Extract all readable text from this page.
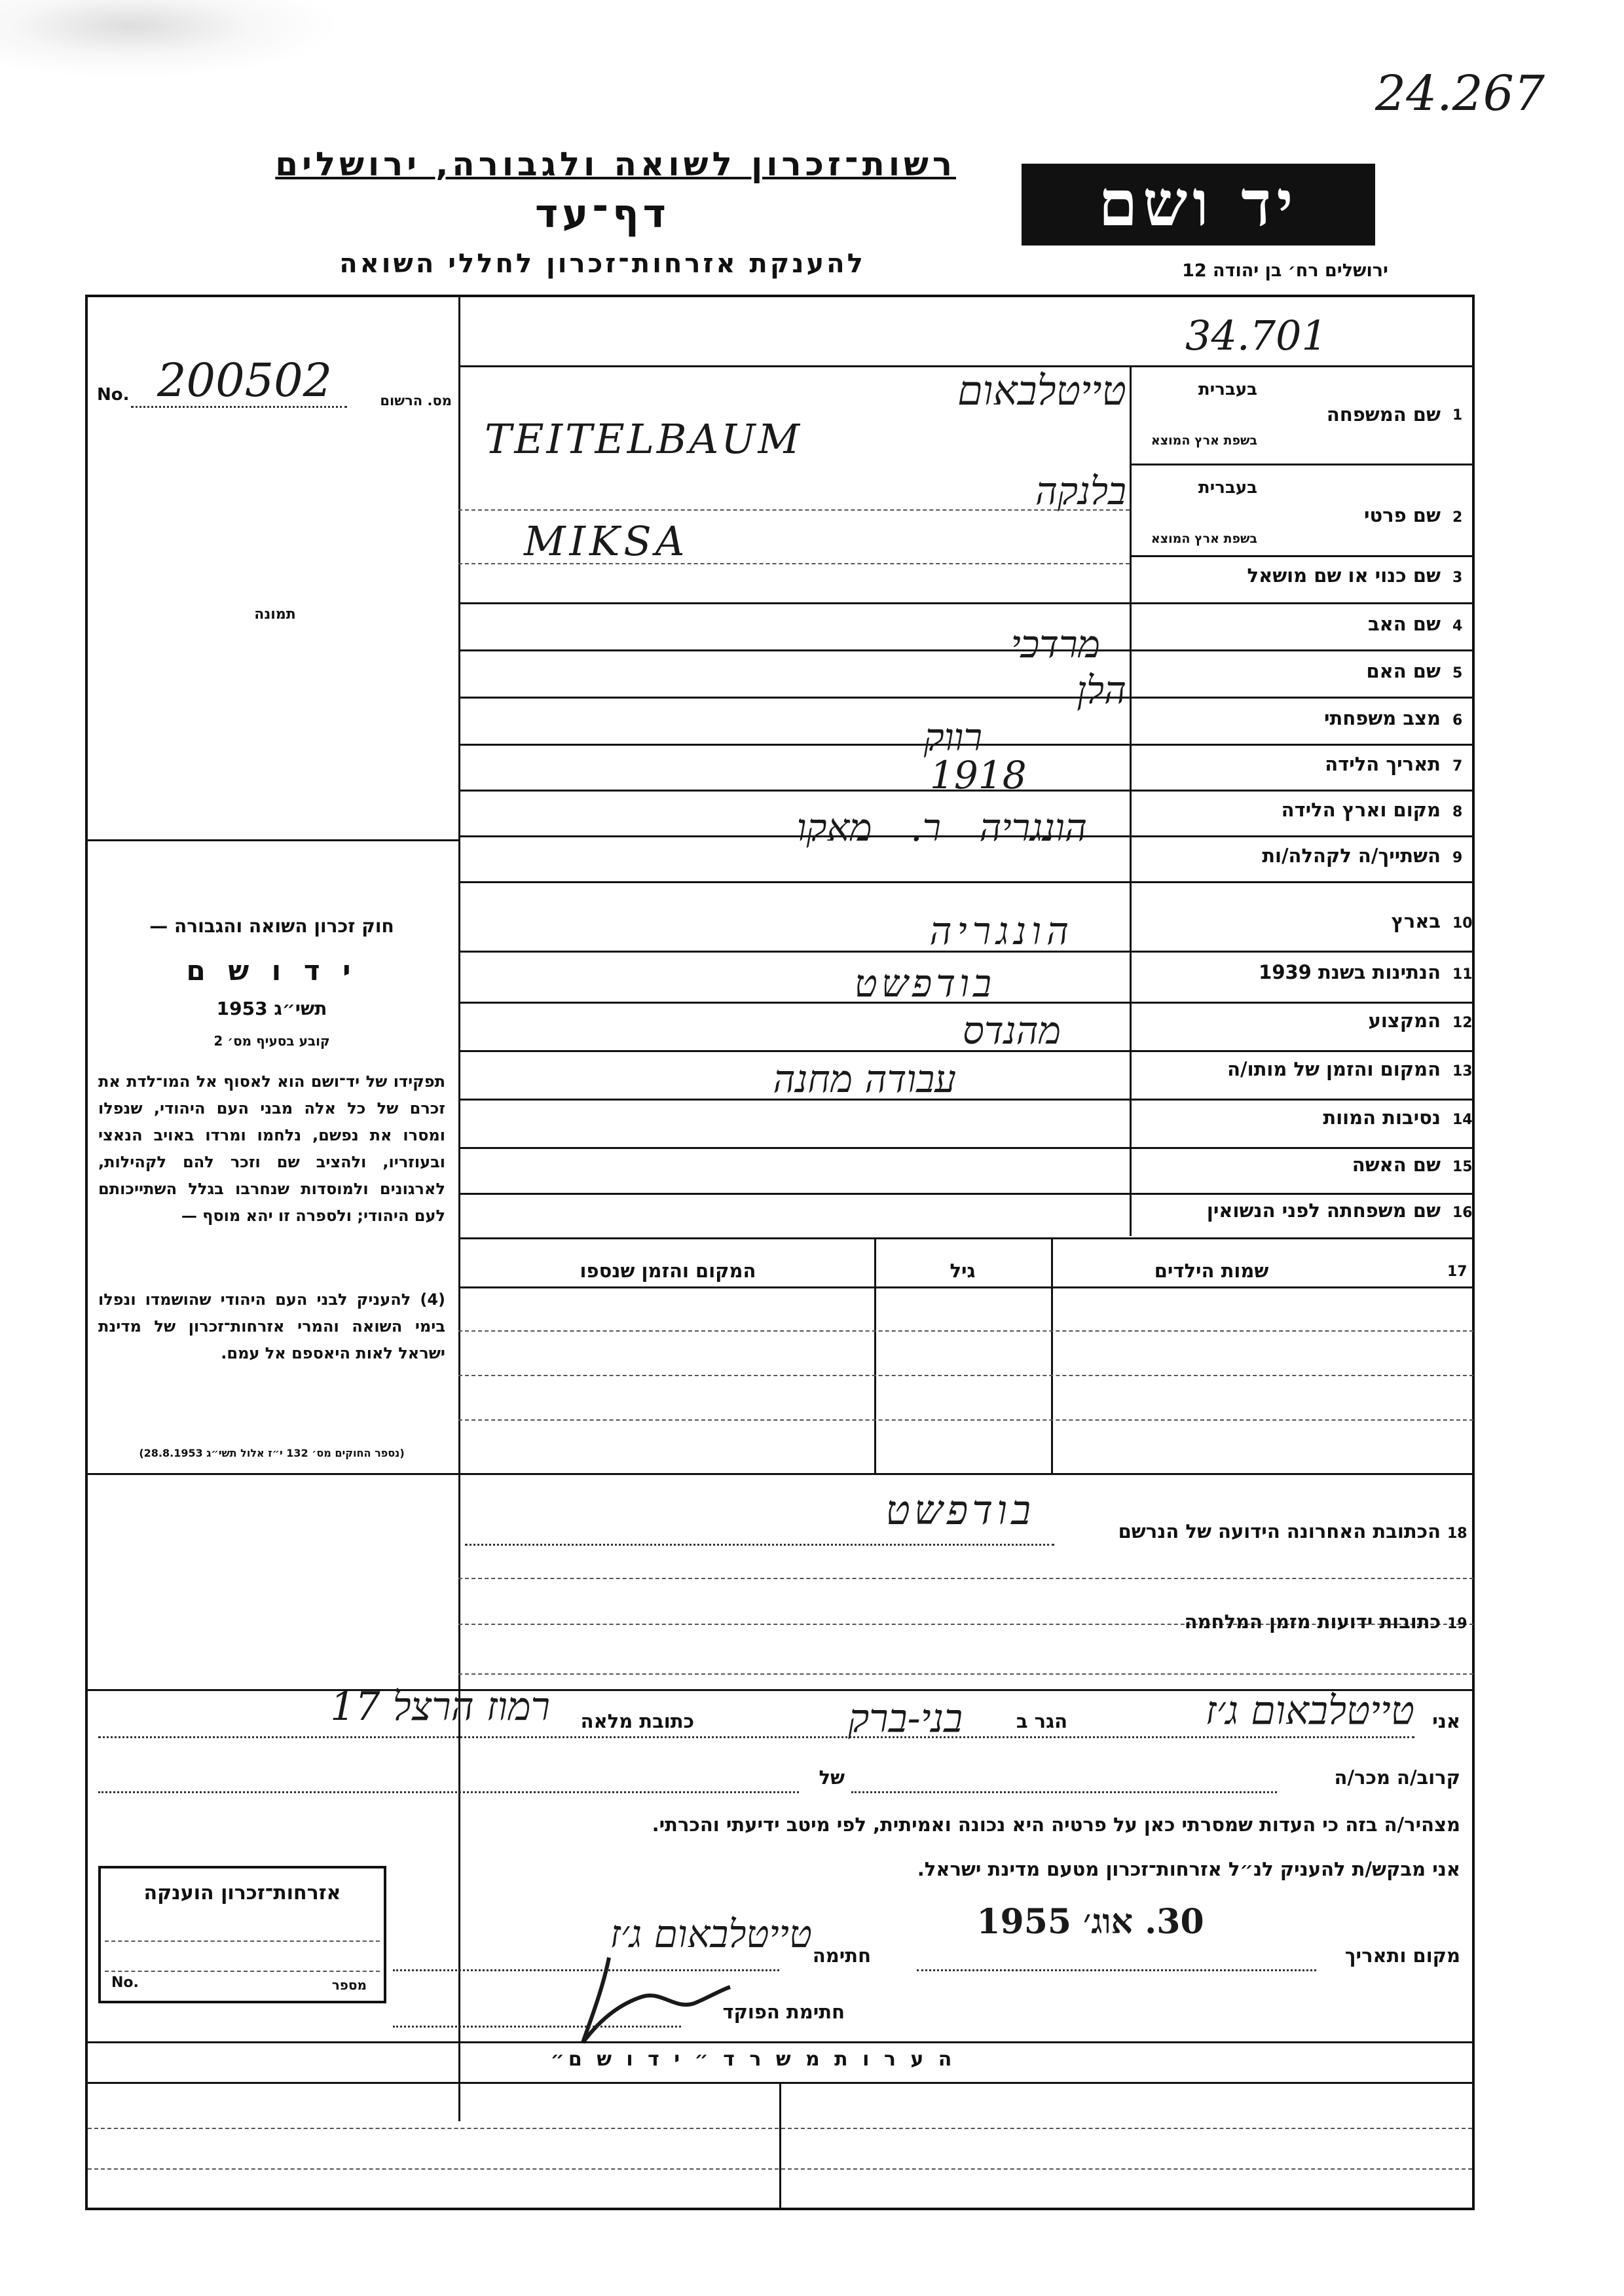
24.267
רשות־זכרון לשואה ולגבורה, ירושלים
דף־עד
להענקת אזרחות־זכרון לחללי השואה
יד ושם
ירושלים רח׳ בן יהודה 12
No. 200502	מס. הרשום
תמונה
חוק זכרון השואה והגבורה —
י ד ו ש ם
תשי״ג 1953
קובע בסעיף מס׳ 2
תפקידו של יד־ושם הוא לאסוף אל המו־לדת את זכרם של כל אלה מבני העם היהודי, שנפלו ומסרו את נפשם, נלחמו ומרדו באויב הנאצי ובעוזריו, ולהציב שם וזכר להם לקהילות, לארגונים ולמוסדות שנחרבו בגלל השתייכותם לעם היהודי; ולספרה זו יהא מוסף —
(4) להעניק לבני העם היהודי שהושמדו ונפלו בימי השואה והמרי אזרחות־זכרון של מדינת ישראל לאות היאספם אל עמם.
(נספר החוקים מס׳ 132 י״ז אלול תשי״ג 28.8.1953)
34.701
1
שם המשפחה
בעברית
בשפת ארץ המוצא
טייטלבאום
TEITELBAUM
2
שם פרטי
בעברית
בשפת ארץ המוצא
בלנקה
MIKSA
3
שם כנוי או שם מושאל
4
שם האב
מרדכי
5
שם האם
הלן
6
מצב משפחתי
רווק
7
תאריך הלידה
1918
8
מקום וארץ הלידה
הונגריה ר. מאקו
9
השתייך/ה לקהלה/ות
10
בארץ
הונגריה
11
הנתינות בשנת 1939
בודפשט
12
המקצוע
מהנדס
13
המקום והזמן של מותו/ה
עבודה מחנה
14
נסיבות המוות
15
שם האשה
16
שם משפחתה לפני הנשואין
17
שמות הילדים
גיל
המקום והזמן שנספו
18
הכתובת האחרונה הידועה של הנרשם
בודפשט
19
כתובות ידועות מזמן המלחמה
אני
טייטלבאום ג׳ז
הגר ב
בני-ברק
כתובת מלאה
רמוז הרצל 17
קרוב/ה מכר/ה
של
מצהיר/ה בזה כי העדות שמסרתי כאן על פרטיה היא נכונה ואמיתית, לפי מיטב ידיעתי והכרתי.
אני מבקש/ת להעניק לנ״ל אזרחות־זכרון מטעם מדינת ישראל.
מקום ותאריך
30. אוג׳ 1955
חתימה
טייטלבאום ג׳ז
חתימת הפוקד
אזרחות־זכרון הוענקה
No.	מספר
ה ע ר ו ת מ ש ר ד ״ י ד ו ש ם״
